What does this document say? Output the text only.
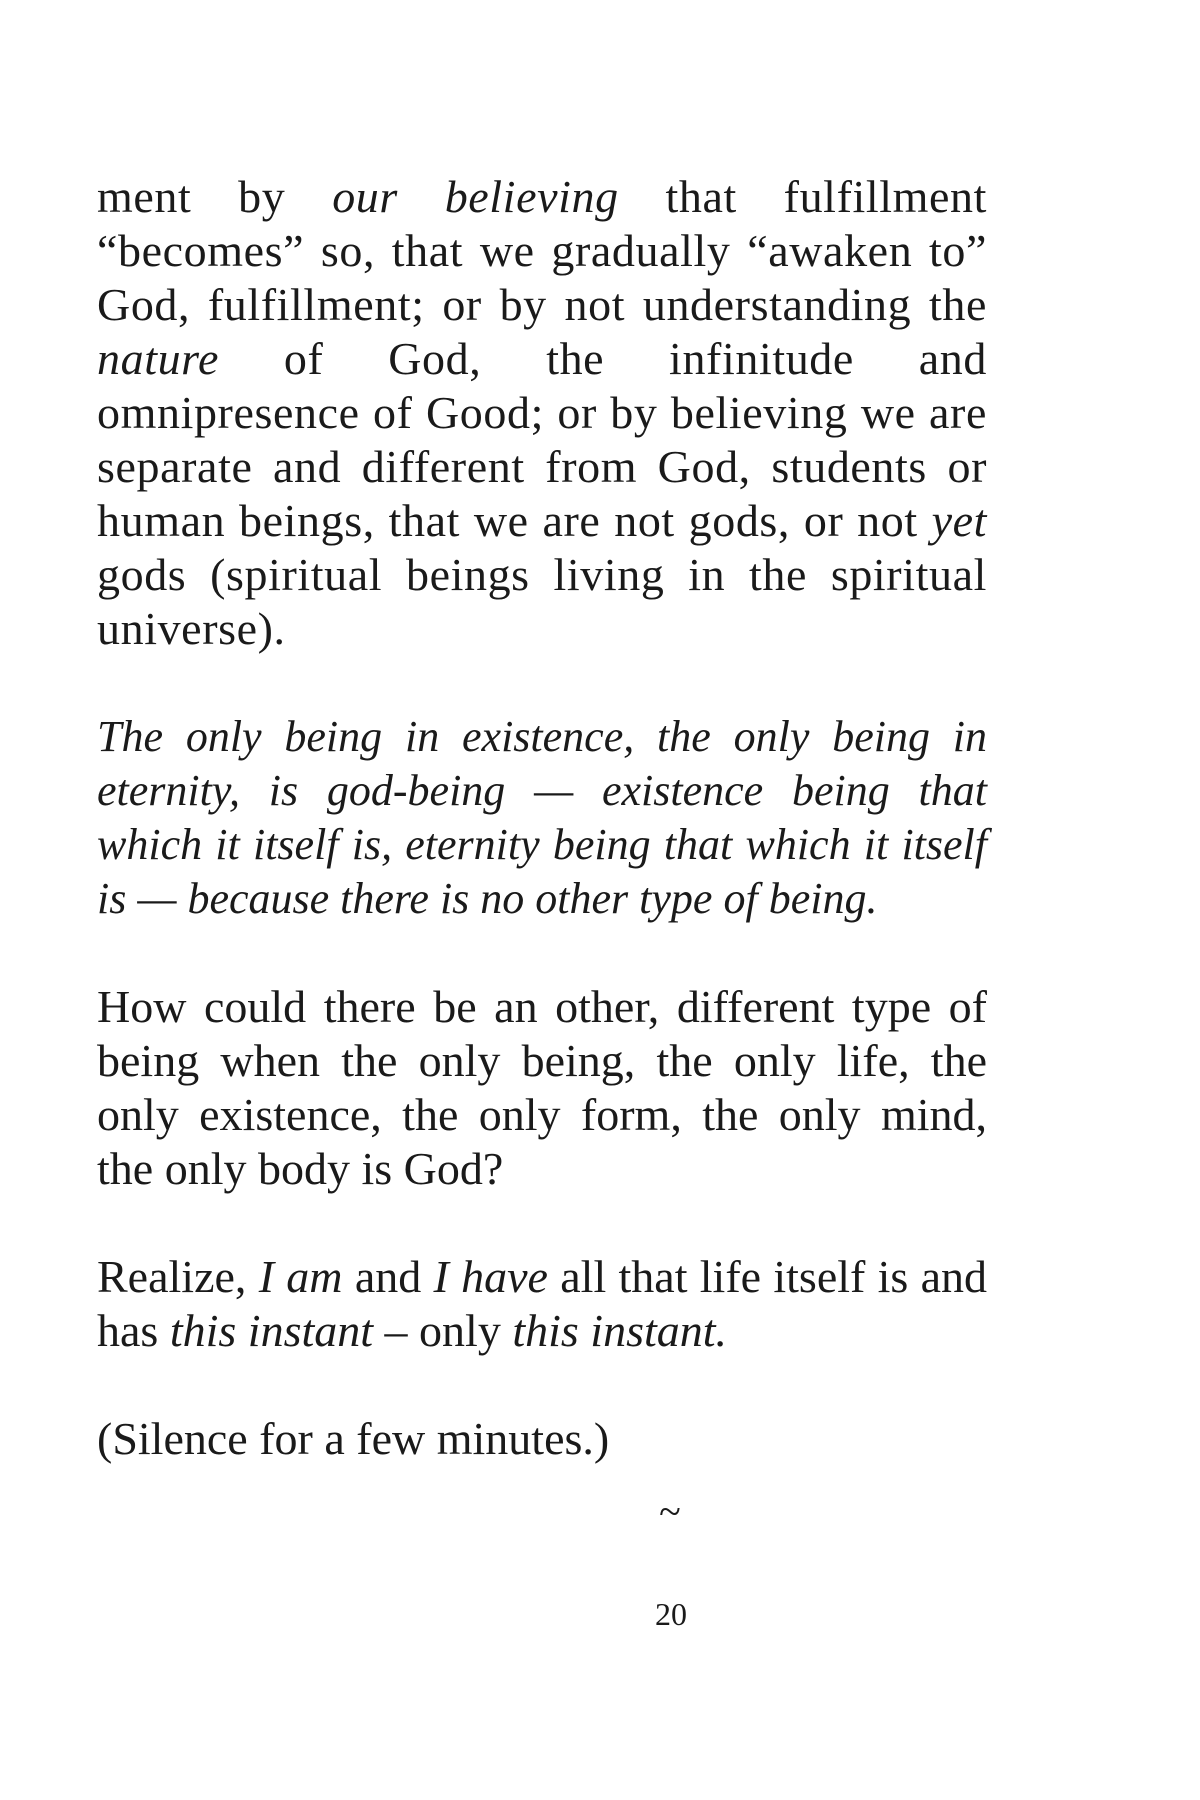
ment by our believing that fulfillment “becomes” so, that we gradually “awaken to” God, fulfillment; or by not understanding the nature of God, the infinitude and omnipresence of Good; or by believing we are separate and different from God, students or human beings, that we are not gods, or not yet gods (spiritual beings living in the spiritual universe).

The only being in existence, the only being in eternity, is god-being — existence being that which it itself is, eternity being that which it itself is — because there is no other type of being.

How could there be an other, different type of being when the only being, the only life, the only existence, the only form, the only mind, the only body is God?

Realize, I am and I have all that life itself is and has this instant – only this instant.

(Silence for a few minutes.)

~
20
